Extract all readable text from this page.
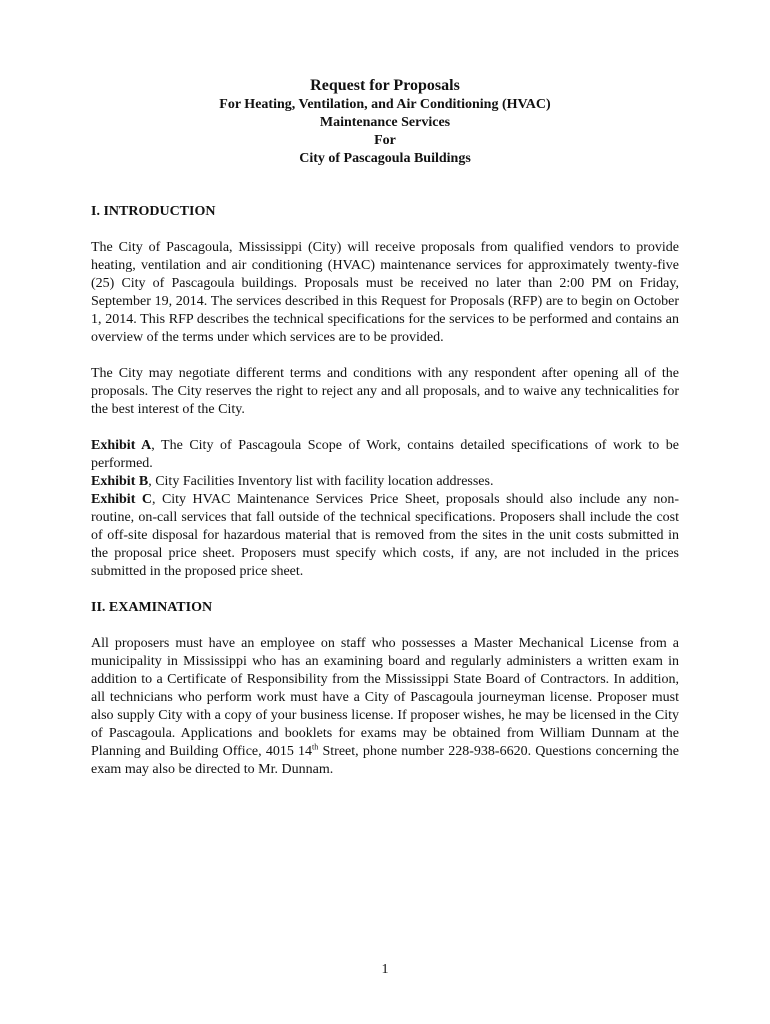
Request for Proposals
For Heating, Ventilation, and Air Conditioning (HVAC)
Maintenance Services
For
City of Pascagoula Buildings
I. INTRODUCTION

The City of Pascagoula, Mississippi (City) will receive proposals from qualified vendors to provide heating, ventilation and air conditioning (HVAC) maintenance services for approximately twenty-five (25) City of Pascagoula buildings. Proposals must be received no later than 2:00 PM on Friday, September 19, 2014. The services described in this Request for Proposals (RFP) are to begin on October 1, 2014. This RFP describes the technical specifications for the services to be performed and contains an overview of the terms under which services are to be provided.

The City may negotiate different terms and conditions with any respondent after opening all of the proposals. The City reserves the right to reject any and all proposals, and to waive any technicalities for the best interest of the City.

Exhibit A, The City of Pascagoula Scope of Work, contains detailed specifications of work to be performed.

Exhibit B, City Facilities Inventory list with facility location addresses.

Exhibit C, City HVAC Maintenance Services Price Sheet, proposals should also include any non-routine, on-call services that fall outside of the technical specifications. Proposers shall include the cost of off-site disposal for hazardous material that is removed from the sites in the unit costs submitted in the proposal price sheet. Proposers must specify which costs, if any, are not included in the prices submitted in the proposed price sheet.

II. EXAMINATION

All proposers must have an employee on staff who possesses a Master Mechanical License from a municipality in Mississippi who has an examining board and regularly administers a written exam in addition to a Certificate of Responsibility from the Mississippi State Board of Contractors. In addition, all technicians who perform work must have a City of Pascagoula journeyman license. Proposer must also supply City with a copy of your business license. If proposer wishes, he may be licensed in the City of Pascagoula. Applications and booklets for exams may be obtained from William Dunnam at the Planning and Building Office, 4015 14th Street, phone number 228-938-6620. Questions concerning the exam may also be directed to Mr. Dunnam.

1
